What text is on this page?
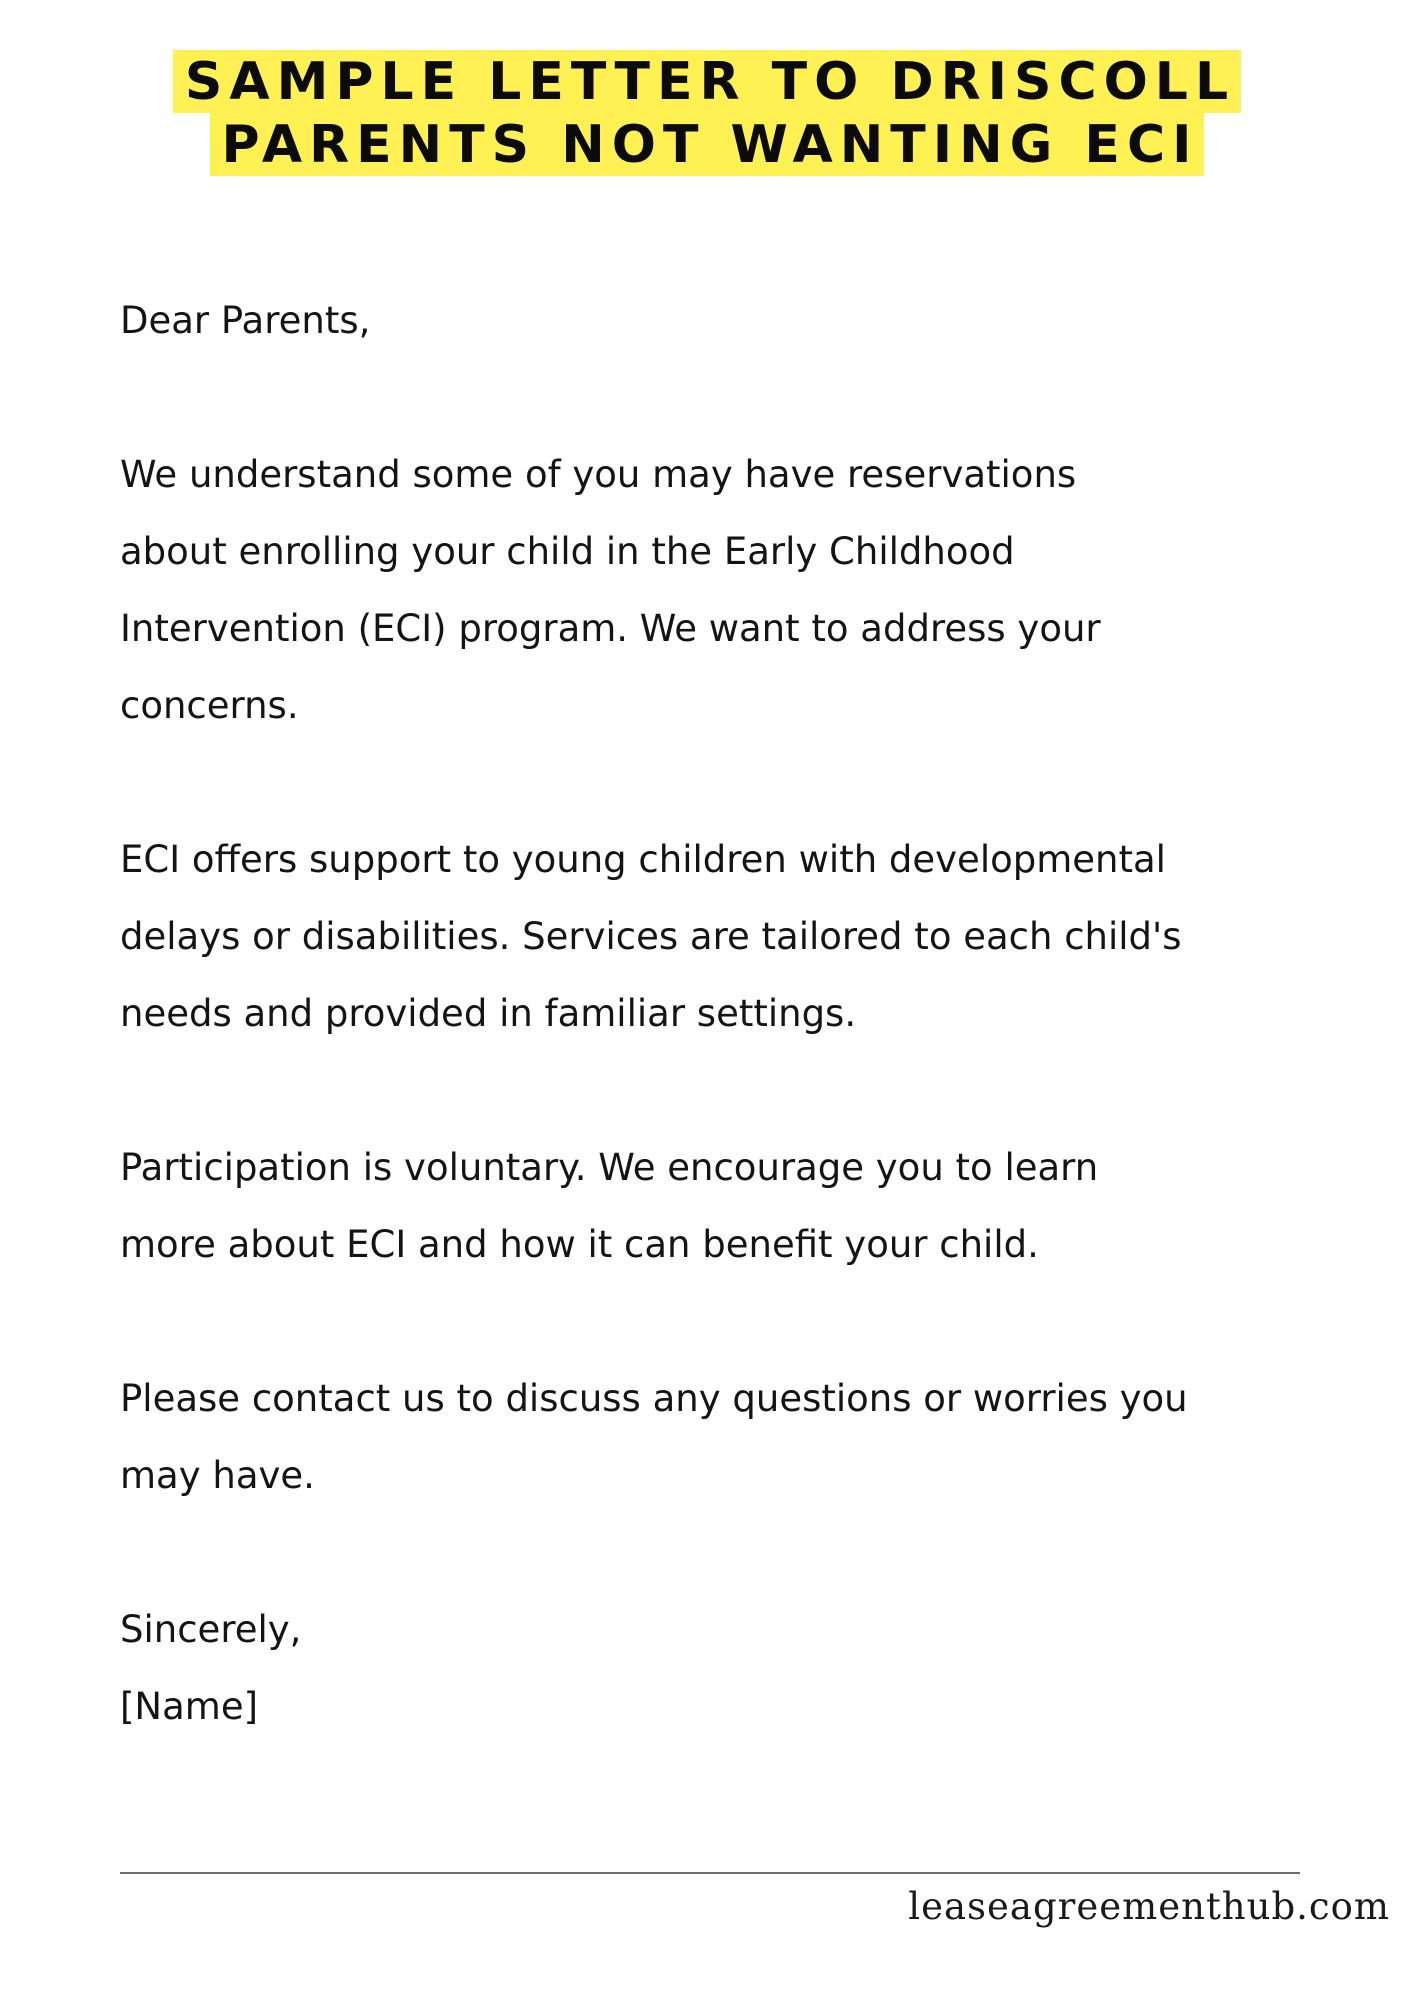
SAMPLE LETTER TO DRISCOLL
PARENTS NOT WANTING ECI

Dear Parents,

We understand some of you may have reservations
about enrolling your child in the Early Childhood
Intervention (ECI) program. We want to address your
concerns.

ECI offers support to young children with developmental
delays or disabilities. Services are tailored to each child's
needs and provided in familiar settings.

Participation is voluntary. We encourage you to learn
more about ECI and how it can benefit your child.

Please contact us to discuss any questions or worries you
may have.

Sincerely,
[Name]

leaseagreementhub.com
